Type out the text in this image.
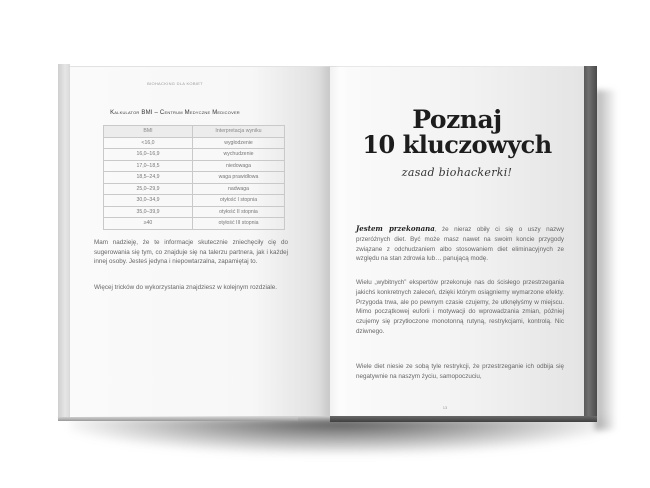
BIOHACKING DLA KOBIET
Kalkulator BMI – Centrum Medyczne Medicover
BMI	Interpretacja wyniku
<16,0	wygłodzenie
16,0–16,9	wychudzenie
17,0–18,5	niedowaga
18,5–24,9	waga prawidłowa
25,0–29,9	nadwaga
30,0–34,9	otyłość I stopnia
35,0–39,9	otyłość II stopnia
≥40	otyłość III stopnia

Mam nadzieję, że te informacje skutecznie zniechęciły cię do sugerowania się tym, co znajduje się na talerzu partnera, jak i każdej innej osoby. Jesteś jedyna i niepowtarzalna, zapamiętaj to.

Więcej tricków do wykorzystania znajdziesz w kolejnym rozdziale.

Poznaj
10 kluczowych
zasad biohackerki!

Jestem przekonana, że nieraz obiły ci się o uszy nazwy przeróżnych diet. Być może masz nawet na swoim koncie przygody związane z odchudzaniem albo stosowaniem diet eliminacyjnych ze względu na stan zdrowia lub… panującą modę.

Wielu „wybitnych” ekspertów przekonuje nas do ścisłego przestrzegania jakichś konkretnych zaleceń, dzięki którym osiągniemy wymarzone efekty. Przygoda trwa, ale po pewnym czasie czujemy, że utknęłyśmy w miejscu. Mimo początkowej euforii i motywacji do wprowadzania zmian, później czujemy się przytłoczone monotonną rutyną, restrykcjami, kontrolą. Nic dziwnego.

Wiele diet niesie ze sobą tyle restrykcji, że przestrzeganie ich odbija się negatywnie na naszym życiu, samopoczuciu,

13
